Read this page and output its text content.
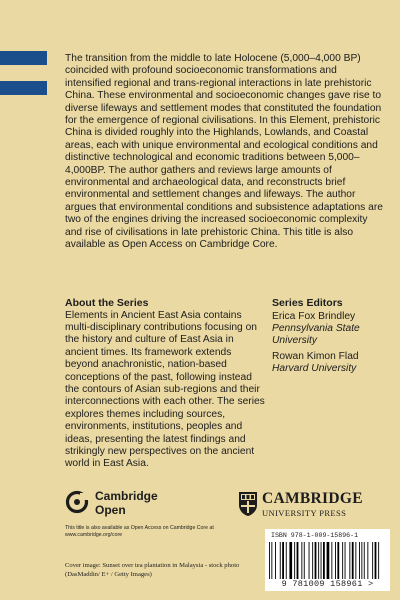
The transition from the middle to late Holocene (5,000–4,000 BP) coincided with profound socioeconomic transformations and intensified regional and trans-regional interactions in late prehistoric China. These environmental and socioeconomic changes gave rise to diverse lifeways and settlement modes that constituted the foundation for the emergence of regional civilisations. In this Element, prehistoric China is divided roughly into the Highlands, Lowlands, and Coastal areas, each with unique environmental and ecological conditions and distinctive technological and economic traditions between 5,000–4,000BP. The author gathers and reviews large amounts of environmental and archaeological data, and reconstructs brief environmental and settlement changes and lifeways. The author argues that environmental conditions and subsistence adaptations are two of the engines driving the increased socioeconomic complexity and rise of civilisations in late prehistoric China. This title is also available as Open Access on Cambridge Core.

About the Series

Elements in Ancient East Asia contains multi-disciplinary contributions focusing on the history and culture of East Asia in ancient times. Its framework extends beyond anachronistic, nation-based conceptions of the past, following instead the contours of Asian sub-regions and their interconnections with each other. The series explores themes including sources, environments, institutions, peoples and ideas, presenting the latest findings and strikingly new perspectives on the ancient world in East Asia.

Series Editors
Erica Fox Brindley
Pennsylvania State University
Rowan Kimon Flad
Harvard University
Cambridge
Open
This title is also available as Open Access on Cambridge Core at www.cambridge.org/core
CAMBRIDGE
UNIVERSITY PRESS
ISBN 978-1-009-15896-1
9 781009 158961 >
Cover image: Sunset over tea plantation in Malaysia - stock photo (DasMaddin/ E+ / Getty Images)
